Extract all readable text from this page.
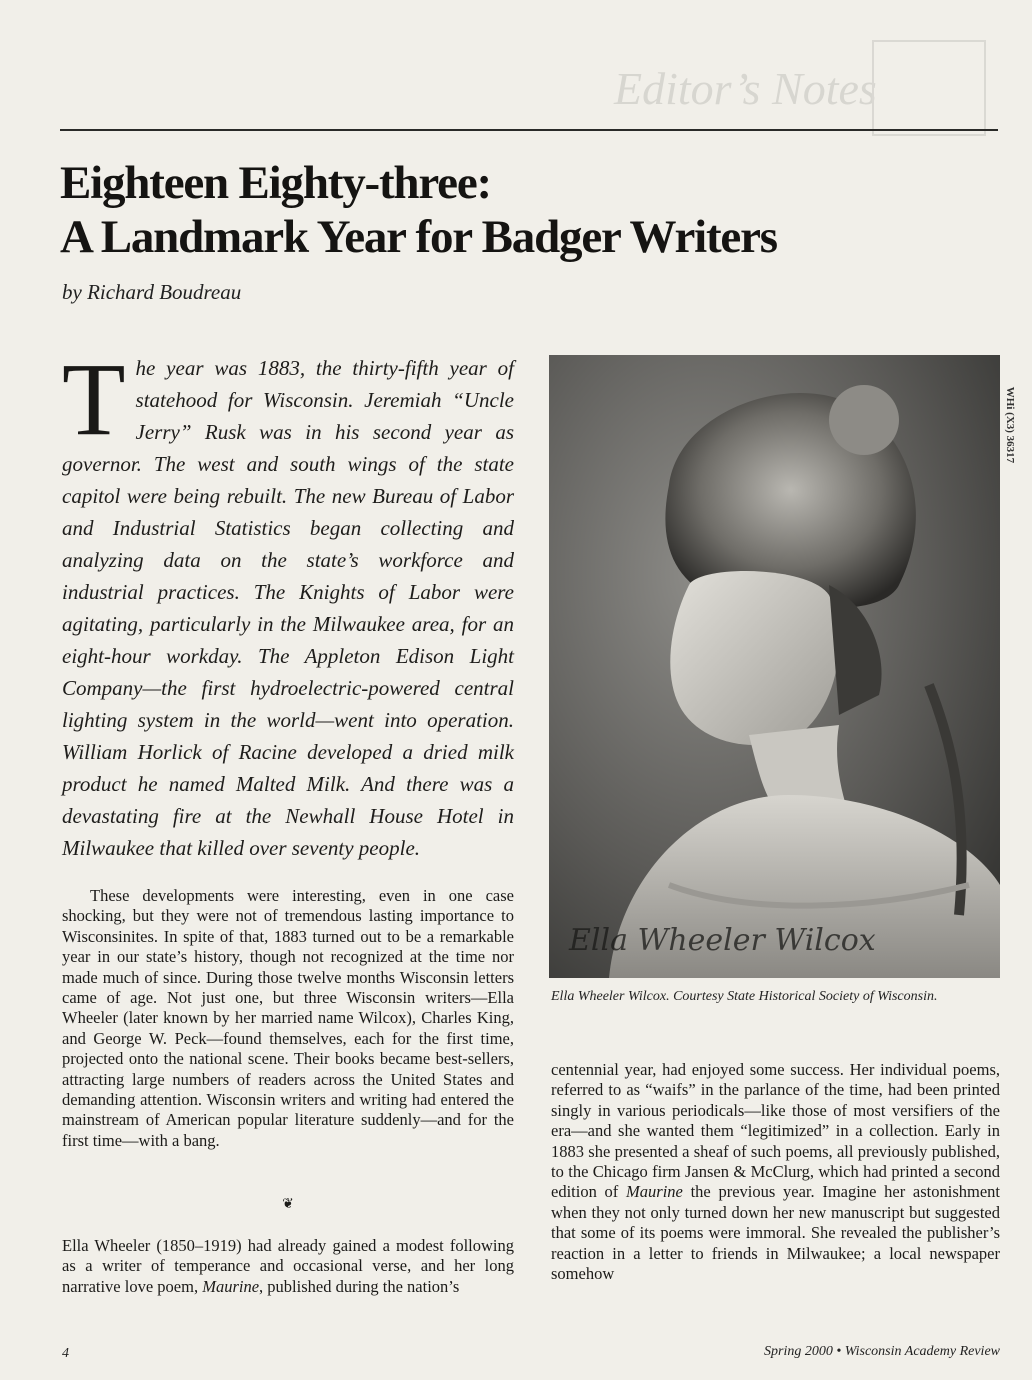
Editor’s Notes
Eighteen Eighty-three:
A Landmark Year for Badger Writers
by Richard Boudreau
T he year was 1883, the thirty-fifth year of statehood for Wisconsin. Jeremiah “Uncle Jerry” Rusk was in his second year as governor. The west and south wings of the state capitol were being rebuilt. The new Bureau of Labor and Industrial Statistics began collecting and analyzing data on the state’s workforce and industrial practices. The Knights of Labor were agitating, particularly in the Milwaukee area, for an eight-hour workday. The Appleton Edison Light Company—the first hydroelectric-powered central lighting system in the world—went into operation. William Horlick of Racine developed a dried milk product he named Malted Milk. And there was a devastating fire at the Newhall House Hotel in Milwaukee that killed over seventy people.

These developments were interesting, even in one case shocking, but they were not of tremendous lasting importance to Wisconsinites. In spite of that, 1883 turned out to be a remarkable year in our state’s history, though not recognized at the time nor made much of since. During those twelve months Wisconsin letters came of age. Not just one, but three Wisconsin writers—Ella Wheeler (later known by her married name Wilcox), Charles King, and George W. Peck—found themselves, each for the first time, projected onto the national scene. Their books became best-sellers, attracting large numbers of readers across the United States and demanding attention. Wisconsin writers and writing had entered the mainstream of American popular literature suddenly—and for the first time—with a bang.

❦

Ella Wheeler (1850–1919) had already gained a modest following as a writer of temperance and occasional verse, and her long narrative love poem, Maurine, published during the nation’s

Ella Wheeler Wilcox
WHi (X3) 36317
Ella Wheeler Wilcox. Courtesy State Historical Society of Wisconsin.

centennial year, had enjoyed some success. Her individual poems, referred to as “waifs” in the parlance of the time, had been printed singly in various periodicals—like those of most versifiers of the era—and she wanted them “legitimized” in a collection. Early in 1883 she presented a sheaf of such poems, all previously published, to the Chicago firm Jansen & McClurg, which had printed a second edition of Maurine the previous year. Imagine her astonishment when they not only turned down her new manuscript but suggested that some of its poems were immoral. She revealed the publisher’s reaction in a letter to friends in Milwaukee; a local newspaper somehow

4	Spring 2000 • Wisconsin Academy Review
